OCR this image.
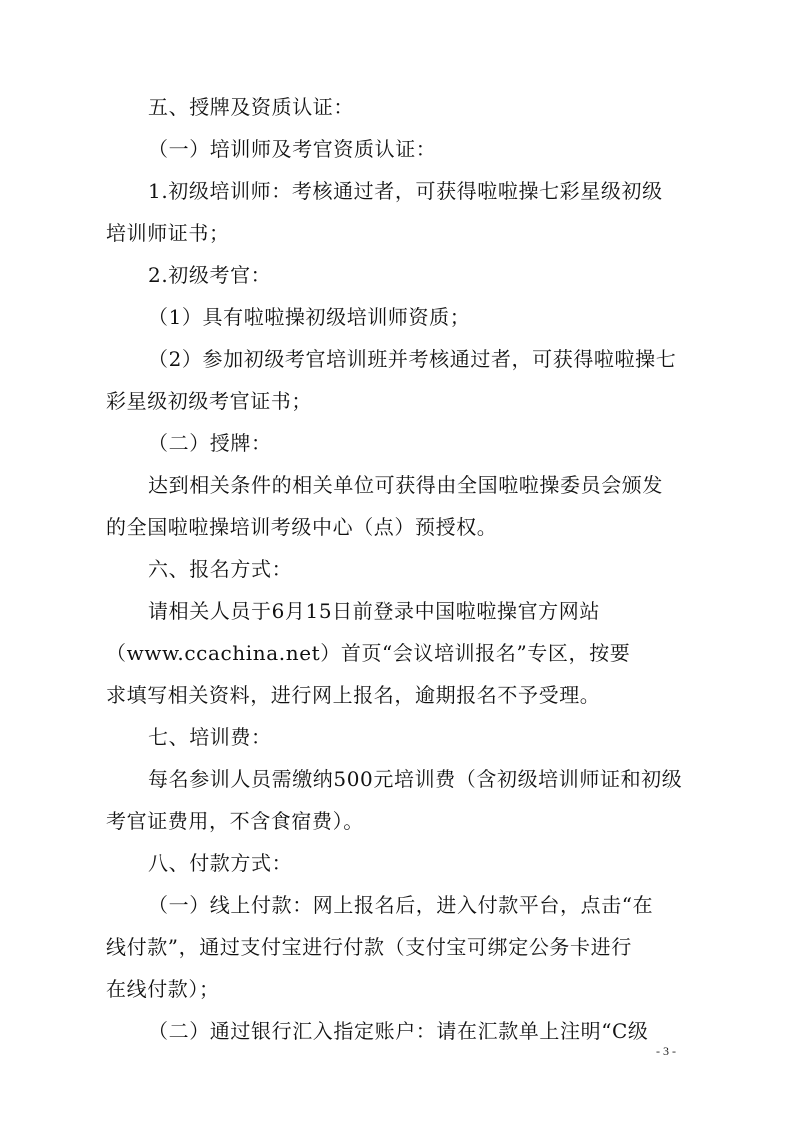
五、授牌及资质认证：
（一）培训师及考官资质认证：
1.初级培训师：考核通过者，可获得啦啦操七彩星级初级
培训师证书；
2.初级考官：
（1）具有啦啦操初级培训师资质；
（2）参加初级考官培训班并考核通过者，可获得啦啦操七
彩星级初级考官证书；
（二）授牌：
达到相关条件的相关单位可获得由全国啦啦操委员会颁发
的全国啦啦操培训考级中心（点）预授权。
六、报名方式：
请相关人员于6月15日前登录中国啦啦操官方网站
（www.ccachina.net）首页“会议培训报名”专区，按要
求填写相关资料，进行网上报名，逾期报名不予受理。
七、培训费：
每名参训人员需缴纳500元培训费（含初级培训师证和初级
考官证费用，不含食宿费）。
八、付款方式：
（一）线上付款：网上报名后，进入付款平台，点击“在
线付款”，通过支付宝进行付款（支付宝可绑定公务卡进行
在线付款）；
（二）通过银行汇入指定账户：请在汇款单上注明“C级
- 3 -
